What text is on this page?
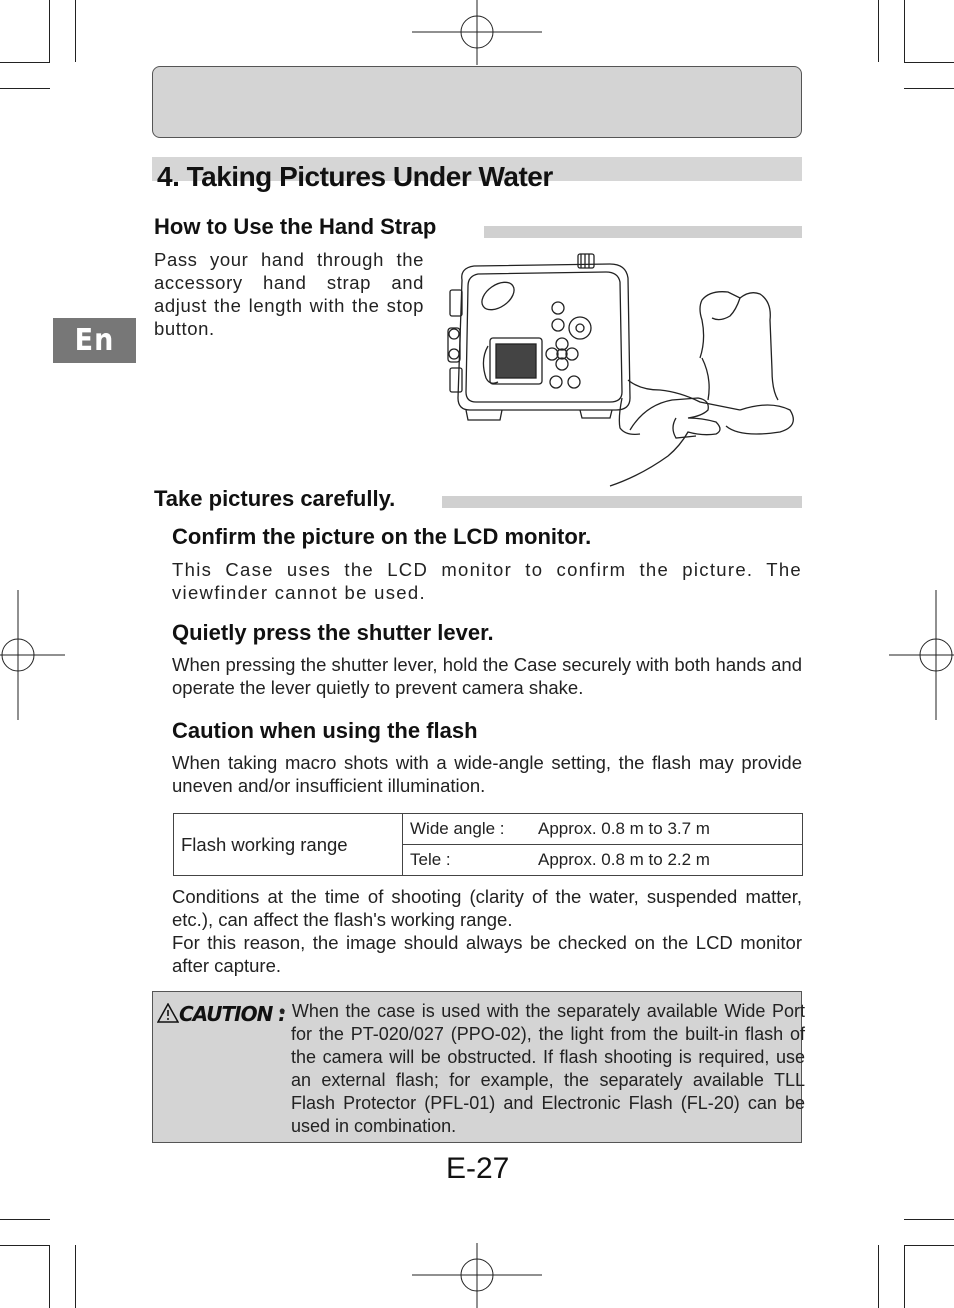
En
4. Taking Pictures Under Water
How to Use the Hand Strap

Pass your hand through the accessory hand strap and adjust the length with the stop button.

Take pictures carefully.
Confirm the picture on the LCD monitor.

This Case uses the LCD monitor to confirm the picture. The viewfinder cannot be used.

Quietly press the shutter lever.

When pressing the shutter lever, hold the Case securely with both hands and operate the lever quietly to prevent camera shake.

Caution when using the flash

When taking macro shots with a wide-angle setting, the flash may provide uneven and/or insufficient illumination.

Flash working range	Wide angle : Approx. 0.8 m to 3.7 m
Tele :	Approx. 0.8 m to 2.2 m

Conditions at the time of shooting (clarity of the water, suspended matter, etc.), can affect the flash's working range.

For this reason, the image should always be checked on the LCD monitor after capture.

CAUTION :

• When the case is used with the separately available Wide Port for the PT-020/027 (PPO-02), the light from the built-in flash of the camera will be obstructed. If flash shooting is required, use an external flash; for example, the separately available TLL Flash Protector (PFL-01) and Electronic Flash (FL-20) can be used in combination.

E-27
